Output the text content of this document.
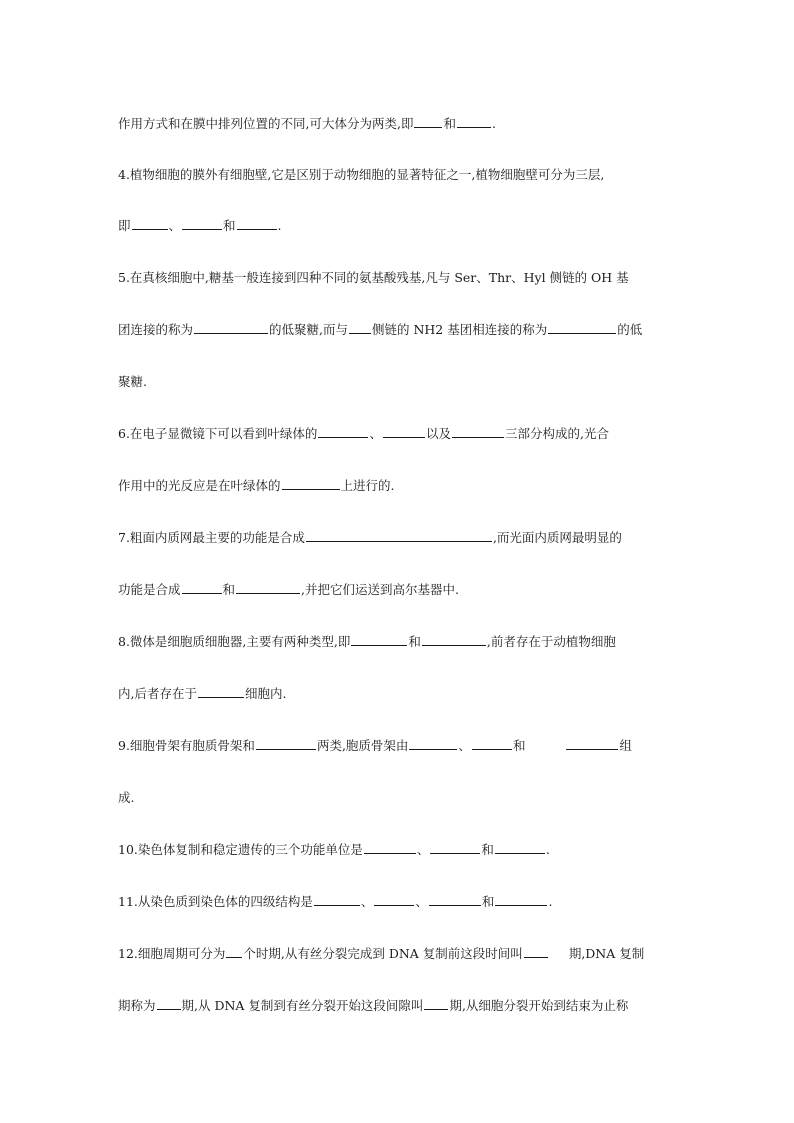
作用方式和在膜中排列位置的不同,可大体分为两类,即 和	.
4.植物细胞的膜外有细胞壁,它是区别于动物细胞的显著特征之一,植物细胞壁可分为三层,
即	、	和	.
5.在真核细胞中,糖基一般连接到四种不同的氨基酸残基,凡与 Ser、Thr、Hyl 侧链的 OH 基
团连接的称为	的低聚糖,而与 侧链的 NH2 基团相连接的称为	的低
聚糖.
6.在电子显微镜下可以看到叶绿体的	、	以及	三部分构成的,光合
作用中的光反应是在叶绿体的	上进行的.
7.粗面内质网最主要的功能是合成	,而光面内质网最明显的
功能是合成	和	,并把它们运送到高尔基器中.
8.微体是细胞质细胞器,主要有两种类型,即	和	,前者存在于动植物细胞
内,后者存在于	细胞内.
9.细胞骨架有胞质骨架和	两类,胞质骨架由	、	和	组
成.
10.染色体复制和稳定遗传的三个功能单位是	、	和	.
11.从染色质到染色体的四级结构是	、	、	和	.
12.细胞周期可分为 个时期,从有丝分裂完成到 DNA 复制前这段时间叫	期,DNA 复制
期称为 期,从 DNA 复制到有丝分裂开始这段间隙叫 期,从细胞分裂开始到结束为止称
